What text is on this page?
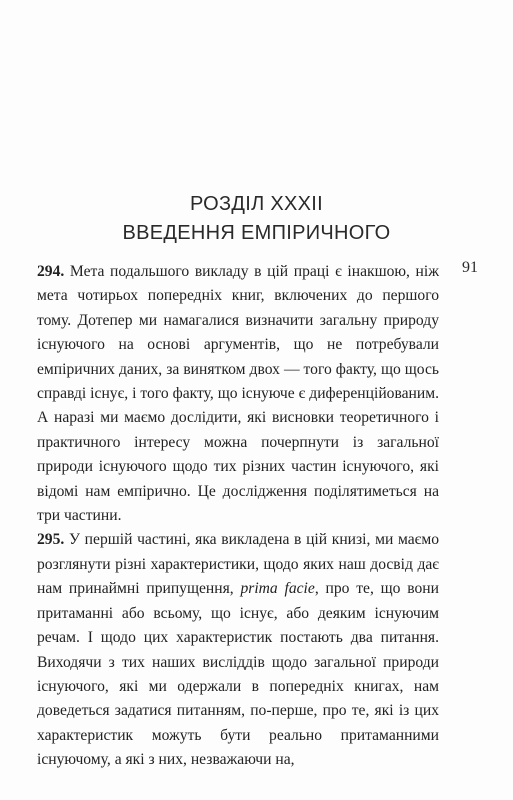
РОЗДІЛ XXXII
ВВЕДЕННЯ ЕМПІРИЧНОГО
91

294. Мета подальшого викладу в цій праці є інакшою, ніж мета чотирьох попередніх книг, включених до першого тому. Дотепер ми намагалися визначити загальну природу існуючого на основі аргументів, що не потребували емпіричних даних, за винятком двох — того факту, що щось справді існує, і того факту, що існуюче є диференційованим. А наразі ми маємо дослідити, які висновки теоретичного і практичного інтересу можна почерпнути із загальної природи існуючого щодо тих різних частин існуючого, які відомі нам емпірично. Це дослідження поділятиметься на три частини.

295. У першій частині, яка викладена в цій книзі, ми маємо розглянути різні характеристики, щодо яких наш досвід дає нам принаймні припущення, prima facie, про те, що вони притаманні або всьому, що існує, або деяким існуючим речам. І щодо цих характеристик постають два питання. Виходячи з тих наших висліддів щодо загальної природи існуючого, які ми одержали в попередніх книгах, нам доведеться задатися питанням, по-перше, про те, які із цих характеристик можуть бути реально притаманними існуючому, а які з них, незважаючи на,
